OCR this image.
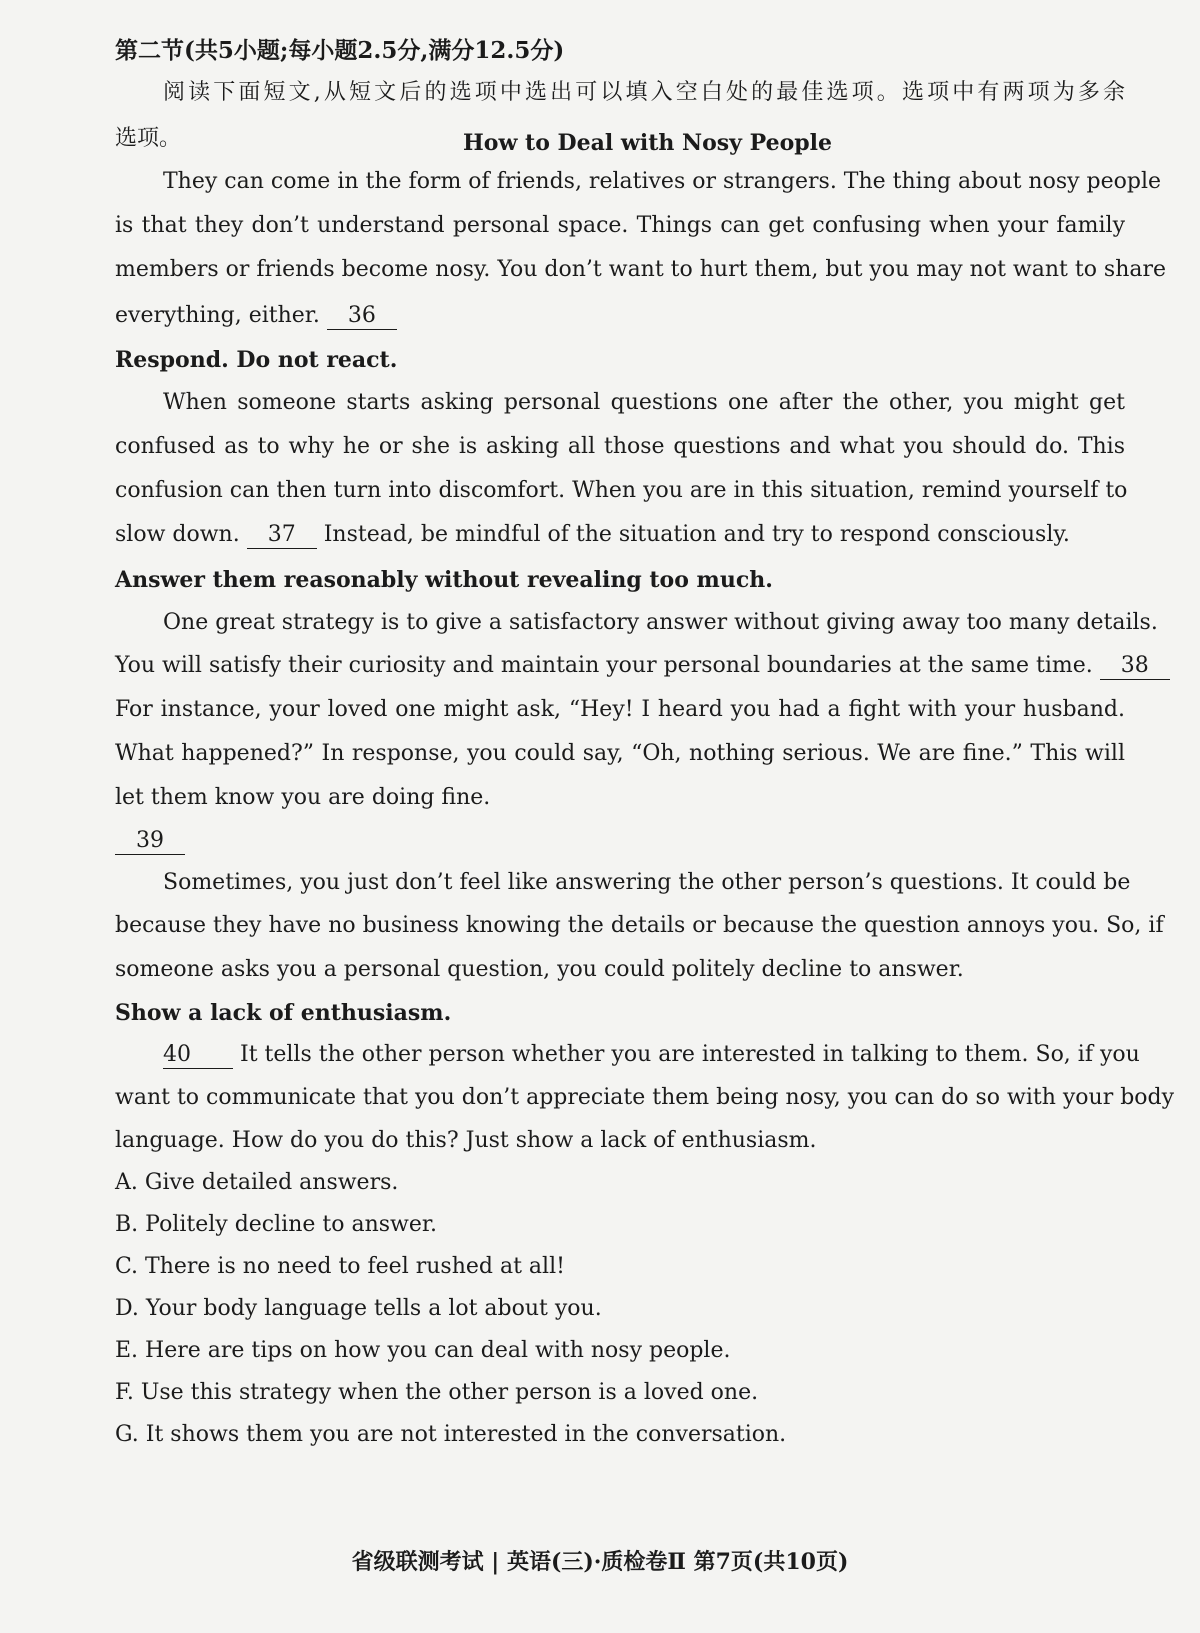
第二节(共5小题;每小题2.5分,满分12.5分)
阅读下面短文,从短文后的选项中选出可以填入空白处的最佳选项。选项中有两项为多余
选项。	How to Deal with Nosy People
They can come in the form of friends, relatives or strangers. The thing about nosy people
is that they don’t understand personal space. Things can get confusing when your family
members or friends become nosy. You don’t want to hurt them, but you may not want to share
everything, either. 36
Respond. Do not react.
When someone starts asking personal questions one after the other, you might get
confused as to why he or she is asking all those questions and what you should do. This
confusion can then turn into discomfort. When you are in this situation, remind yourself to
slow down. 37 Instead, be mindful of the situation and try to respond consciously.
Answer them reasonably without revealing too much.
One great strategy is to give a satisfactory answer without giving away too many details.
You will satisfy their curiosity and maintain your personal boundaries at the same time. 38
For instance, your loved one might ask, “Hey! I heard you had a fight with your husband.
What happened?” In response, you could say, “Oh, nothing serious. We are fine.” This will
let them know you are doing fine.
39
Sometimes, you just don’t feel like answering the other person’s questions. It could be
because they have no business knowing the details or because the question annoys you. So, if
someone asks you a personal question, you could politely decline to answer.
Show a lack of enthusiasm.
40 It tells the other person whether you are interested in talking to them. So, if you
want to communicate that you don’t appreciate them being nosy, you can do so with your body
language. How do you do this? Just show a lack of enthusiasm.
A. Give detailed answers.
B. Politely decline to answer.
C. There is no need to feel rushed at all!
D. Your body language tells a lot about you.
E. Here are tips on how you can deal with nosy people.
F. Use this strategy when the other person is a loved one.
G. It shows them you are not interested in the conversation.
省级联测考试 | 英语(三)·质检卷Ⅱ 第7页(共10页)
